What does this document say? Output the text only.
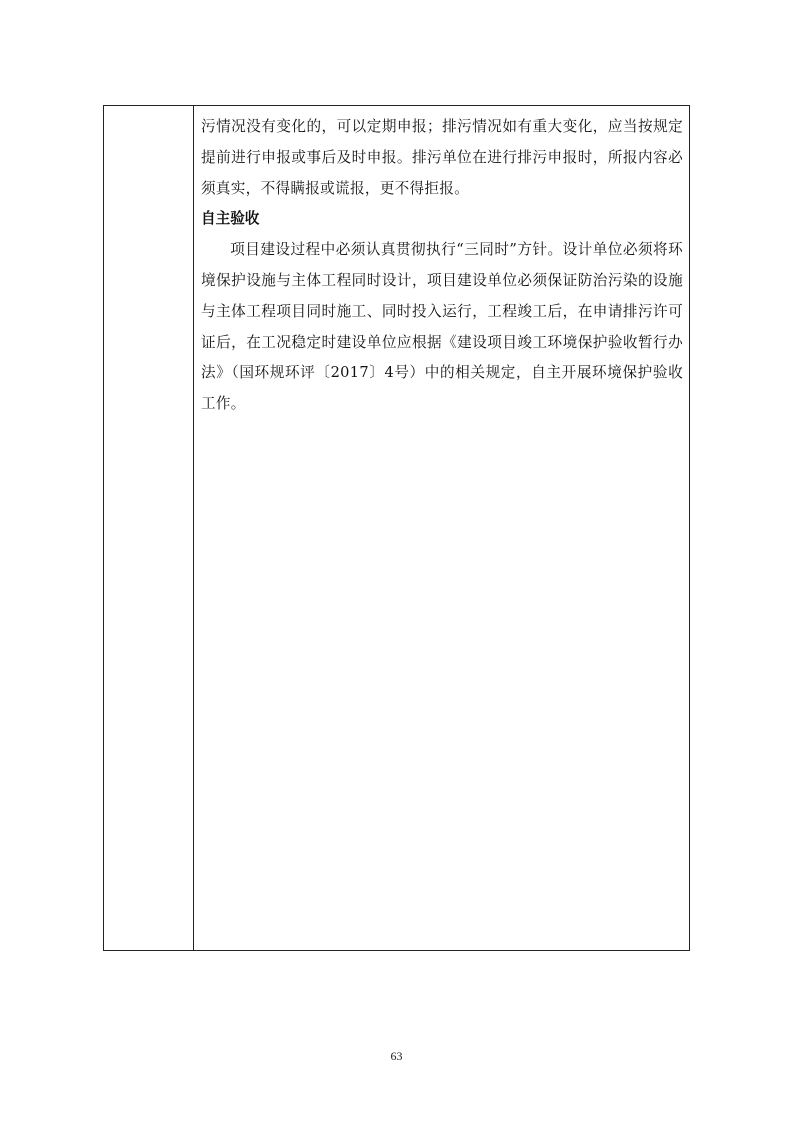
污情况没有变化的，可以定期申报；排污情况如有重大变化，应当按规定提前进行申报或事后及时申报。排污单位在进行排污申报时，所报内容必须真实，不得瞒报或谎报，更不得拒报。

自主验收

项目建设过程中必须认真贯彻执行“三同时”方针。设计单位必须将环境保护设施与主体工程同时设计，项目建设单位必须保证防治污染的设施与主体工程项目同时施工、同时投入运行，工程竣工后，在申请排污许可证后，在工况稳定时建设单位应根据《建设项目竣工环境保护验收暂行办法》（国环规环评〔2017〕4号）中的相关规定，自主开展环境保护验收工作。

63
